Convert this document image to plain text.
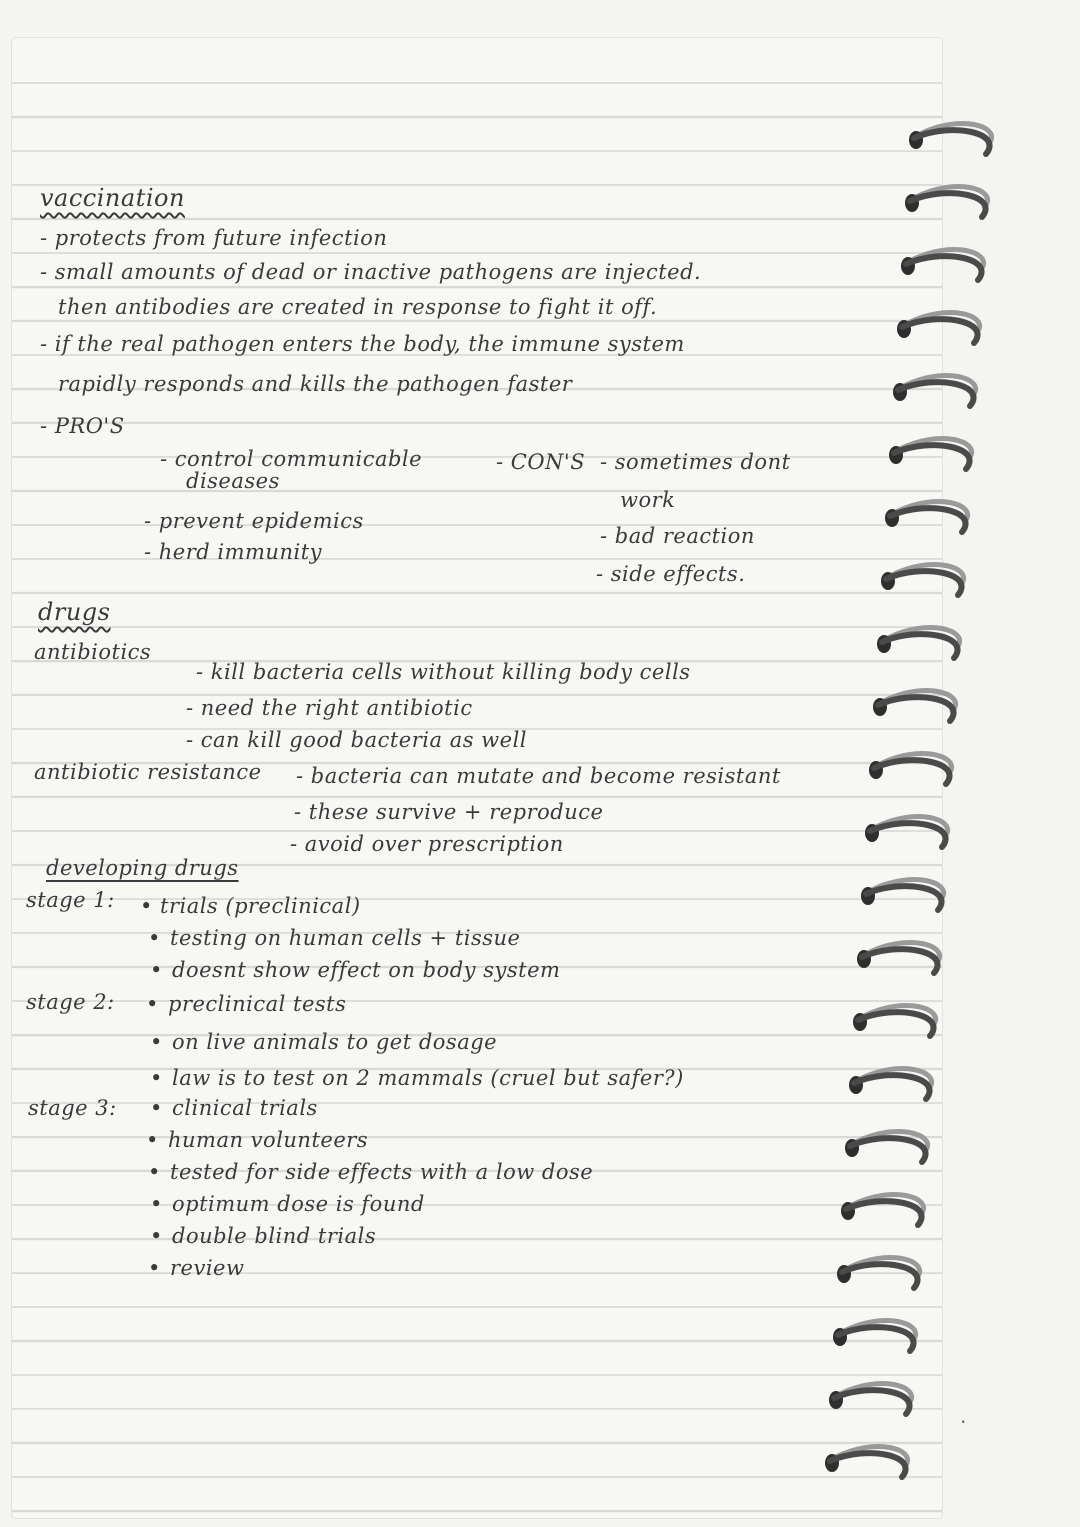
vaccination
- protects from future infection
- small amounts of dead or inactive pathogens are injected.
then antibodies are created in response to fight it off.
- if the real pathogen enters the body, the immune system
rapidly responds and kills the pathogen faster
- PRO'S
- control communicable
diseases
- prevent epidemics
- herd immunity
- CON'S - sometimes dont
work
- bad reaction
- side effects.
drugs
antibiotics
- kill bacteria cells without killing body cells
- need the right antibiotic
- can kill good bacteria as well
antibiotic resistance - bacteria can mutate and become resistant
- these survive + reproduce
- avoid over prescription
developing drugs
stage 1: • trials (preclinical)
• testing on human cells + tissue
• doesnt show effect on body system
stage 2: • preclinical tests
• on live animals to get dosage
• law is to test on 2 mammals (cruel but safer?)
stage 3: • clinical trials
• human volunteers
• tested for side effects with a low dose
• optimum dose is found
• double blind trials
• review
·
